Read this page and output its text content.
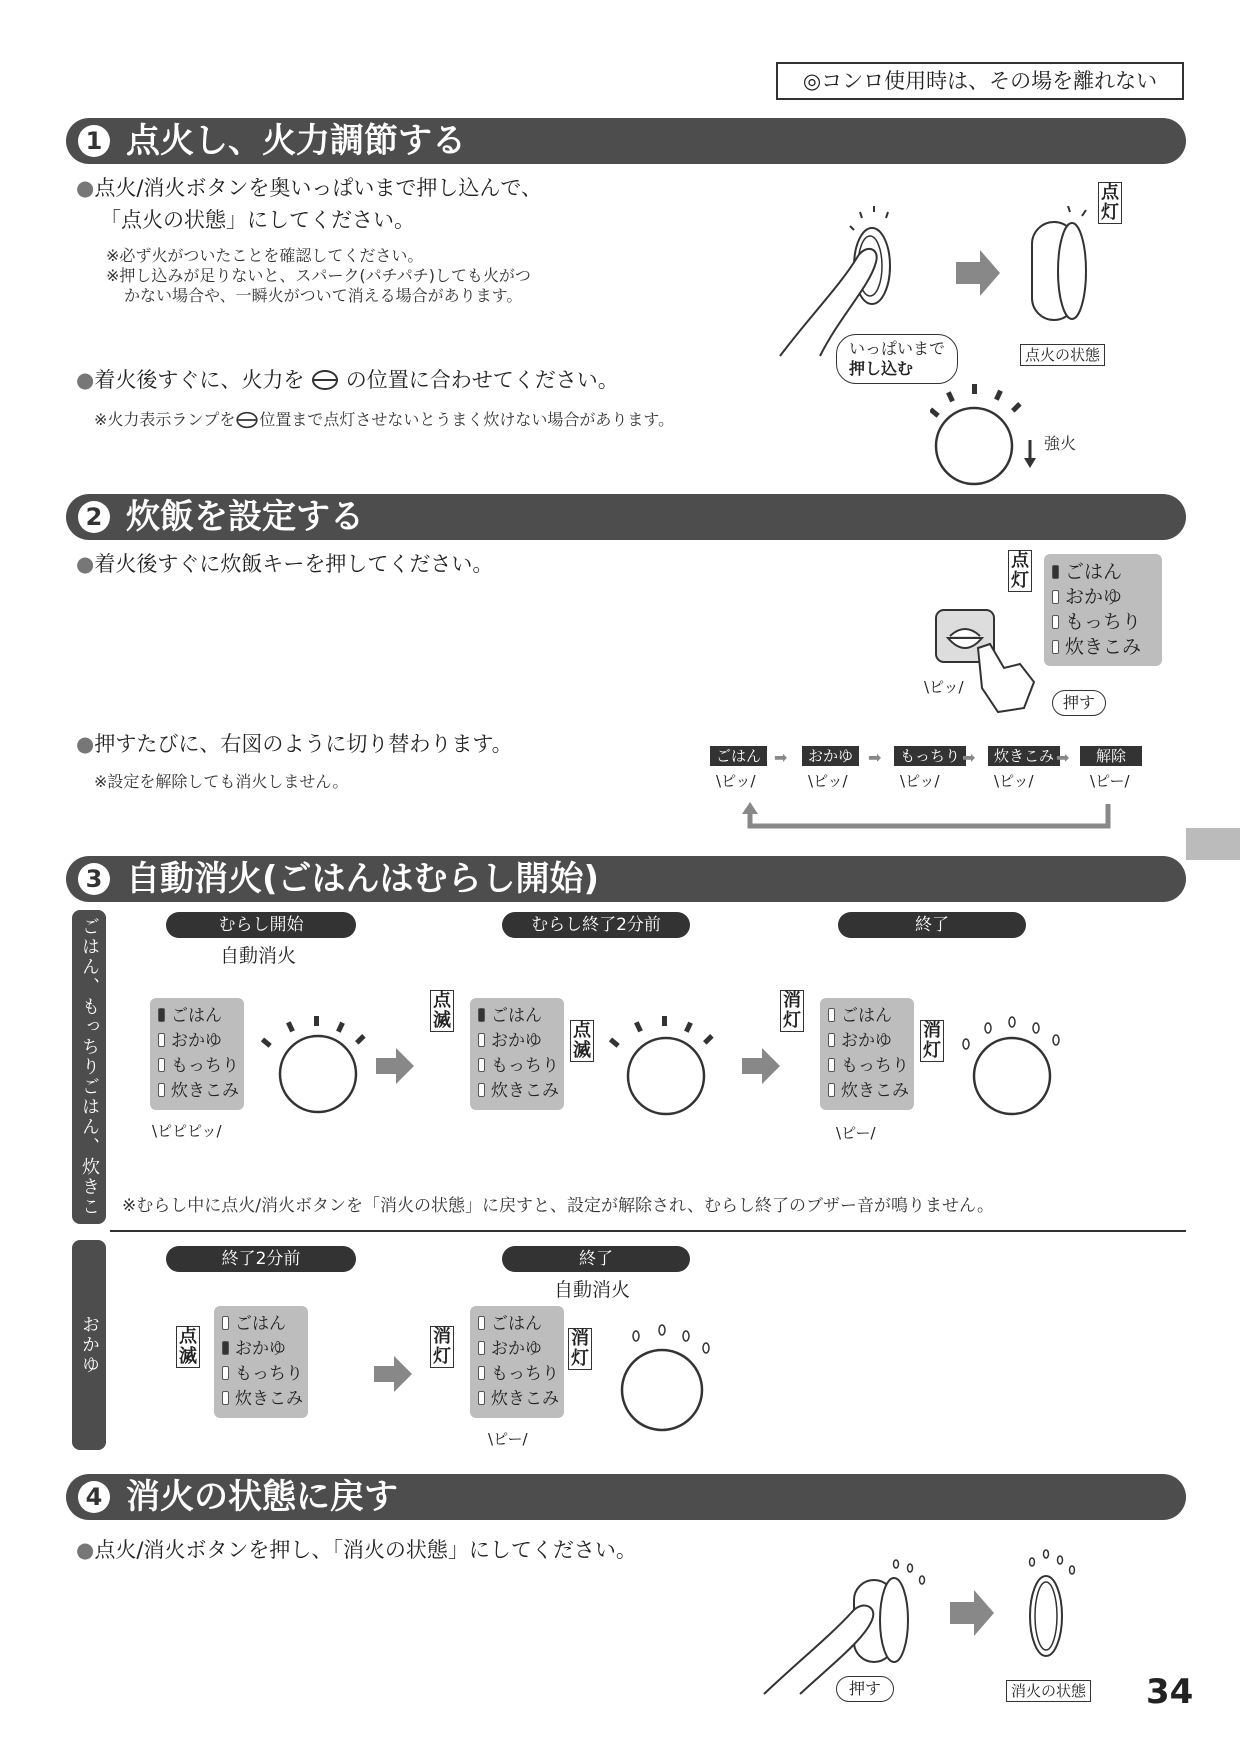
◎コンロ使用時は、その場を離れない
1 点火し、火力調節する
●点火/消火ボタンを奥いっぱいまで押し込んで、
「点火の状態」にしてください。
※必ず火がついたことを確認してください。
※押し込みが足りないと、スパーク(パチパチ)しても火がつ
かない場合や、一瞬火がついて消える場合があります。
●着火後すぐに、火力を の位置に合わせてください。
※火力表示ランプを 位置まで点灯させないとうまく炊けない場合があります。
いっぱいまで
押し込む
点灯
点火の状態
強火
2 炊飯を設定する
●着火後すぐに炊飯キーを押してください。	点灯	ごはん
おかゆ
もっちり
炊きこみ
\ピッ/
押す
●押すたびに、右図のように切り替わります。
※設定を解除しても消火しません。
ごはん
\ピッ/
➡	おかゆ
\ピッ/
➡	もっちり
\ピッ/
➡	炊きこみ
\ピッ/
➡	解除
\ピー/
3 自動消火(ごはんはむらし開始)
ごはん、もっちりごはん、炊きこみごはん
むらし開始
自動消火
むらし終了2分前	終了
ごはん
おかゆ
もっちり
炊きこみ
\ピピピッ/
点滅	ごはん
おかゆ
もっちり
炊きこみ
点滅
消灯	ごはん
おかゆ
もっちり
炊きこみ
消灯
\ピー/
※むらし中に点火/消火ボタンを「消火の状態」に戻すと、設定が解除され、むらし終了のブザー音が鳴りません。
おかゆ
終了2分前	終了
自動消火
点滅
ごはん
おかゆ
もっちり
炊きこみ
消灯
ごはん
おかゆ
もっちり
炊きこみ
消灯
\ピー/
4 消火の状態に戻す
●点火/消火ボタンを押し、「消火の状態」にしてください。
押す	消火の状態 34
